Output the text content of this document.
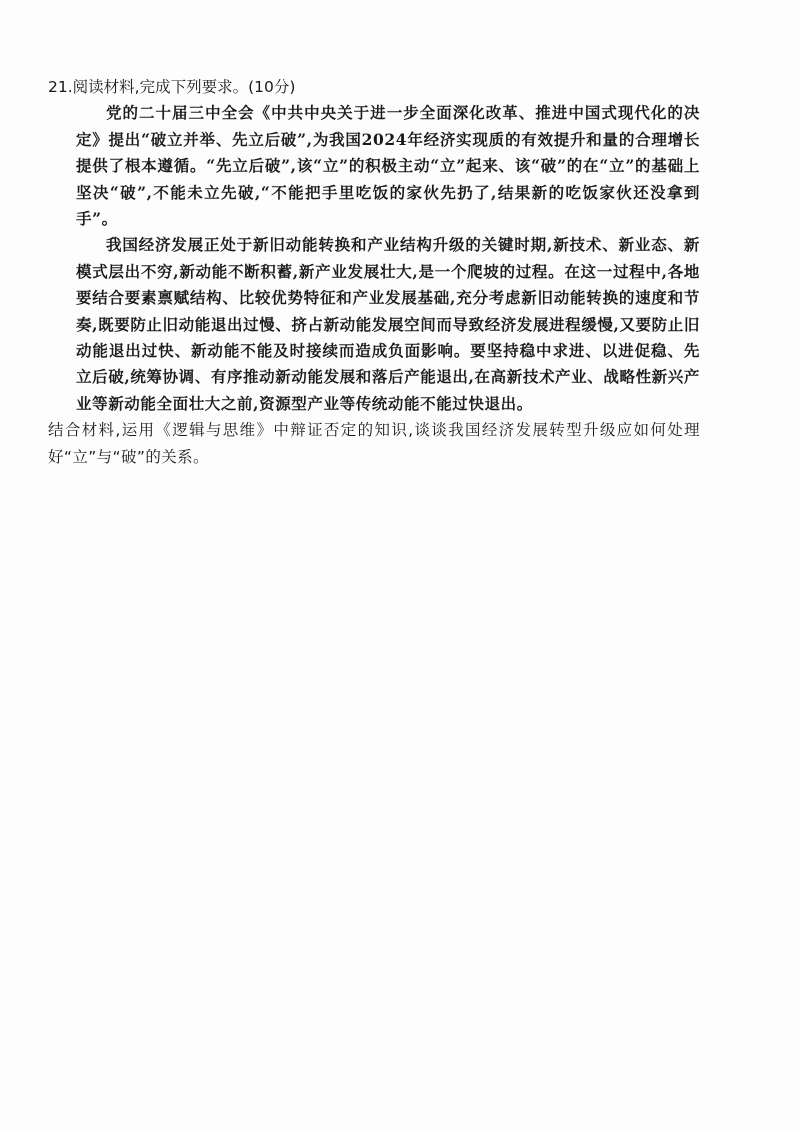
21.阅读材料,完成下列要求。(10分)

党的二十届三中全会《中共中央关于进一步全面深化改革、推进中国式现代化的决定》提出“破立并举、先立后破”,为我国2024年经济实现质的有效提升和量的合理增长提供了根本遵循。“先立后破”,该“立”的积极主动“立”起来、该“破”的在“立”的基础上坚决“破”,不能未立先破,“不能把手里吃饭的家伙先扔了,结果新的吃饭家伙还没拿到手”。

我国经济发展正处于新旧动能转换和产业结构升级的关键时期,新技术、新业态、新模式层出不穷,新动能不断积蓄,新产业发展壮大,是一个爬坡的过程。在这一过程中,各地要结合要素禀赋结构、比较优势特征和产业发展基础,充分考虑新旧动能转换的速度和节奏,既要防止旧动能退出过慢、挤占新动能发展空间而导致经济发展进程缓慢,又要防止旧动能退出过快、新动能不能及时接续而造成负面影响。要坚持稳中求进、以进促稳、先立后破,统筹协调、有序推动新动能发展和落后产能退出,在高新技术产业、战略性新兴产业等新动能全面壮大之前,资源型产业等传统动能不能过快退出。

结合材料,运用《逻辑与思维》中辩证否定的知识,谈谈我国经济发展转型升级应如何处理好“立”与“破”的关系。
